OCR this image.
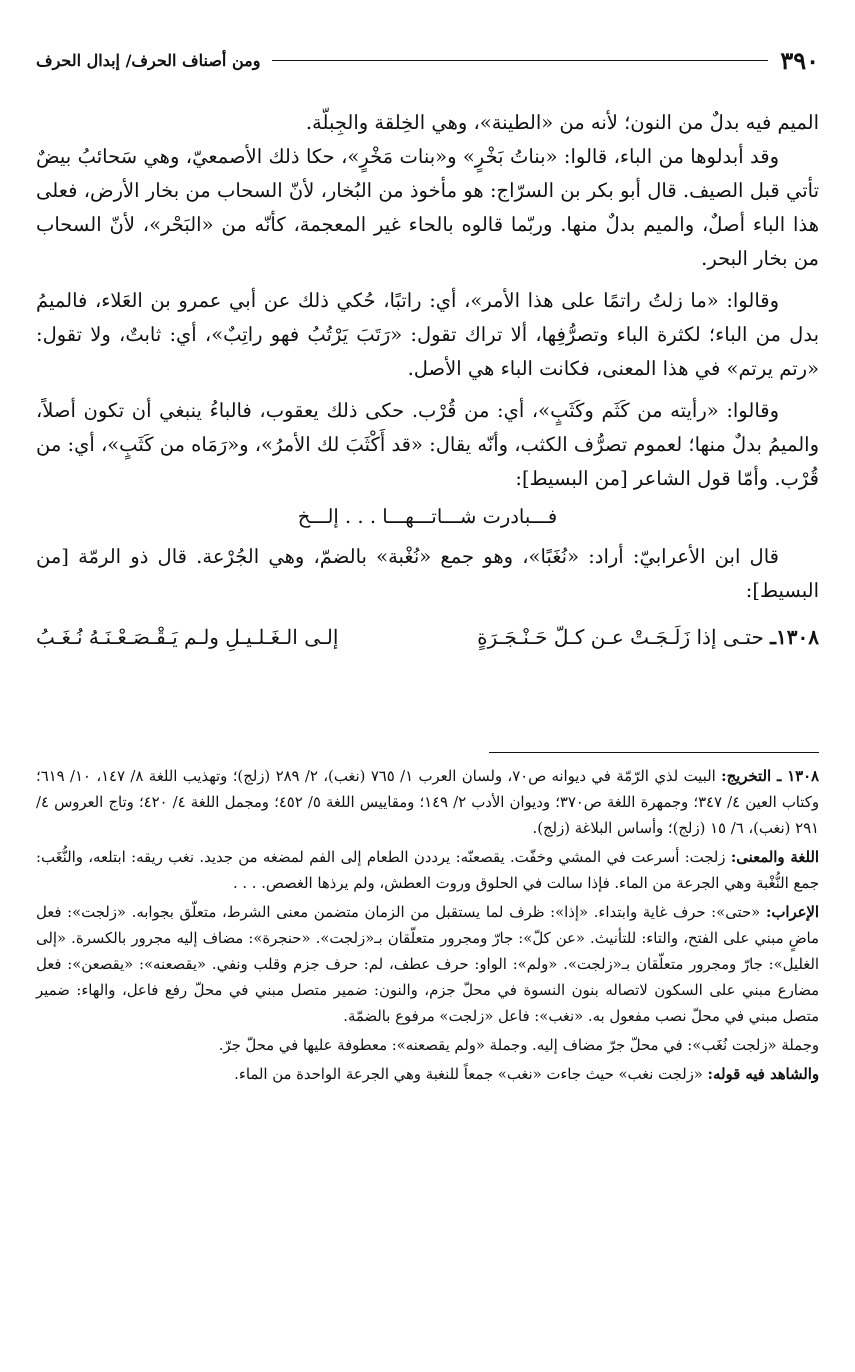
٣٩٠
ومن أصناف الحرف/ إبدال الحرف

الميم فيه بدلٌ من النون؛ لأنه من «الطينة»، وهي الخِلقة والجِبلّة.

وقد أبدلوها من الباء، قالوا: «بناتُ بَخْرٍ» و«بنات مَخْرٍ»، حكا ذلك الأصمعيّ، وهي سَحائبُ بيضٌ تأتي قبل الصيف. قال أبو بكر بن السرّاج: هو مأخوذ من البُخار، لأنّ السحاب من بخار الأرض، فعلى هذا الباء أصلٌ، والميم بدلٌ منها. وربّما قالوه بالحاء غير المعجمة، كأنّه من «البَحْر»، لأنّ السحاب من بخار البحر.

وقالوا: «ما زلتُ راتمًا على هذا الأمر»، أي: راتبًا، حُكي ذلك عن أبي عمرو بن العَلاء، فالميمُ بدل من الباء؛ لكثرة الباء وتصرُّفِها، ألا تراك تقول: «رَتَبَ يَرْتُبُ فهو راتِبٌ»، أي: ثابتٌ، ولا تقول: «رتم يرتم» في هذا المعنى، فكانت الباء هي الأصل.

وقالوا: «رأيته من كَثَم وكَثَبٍ»، أي: من قُرْب. حكى ذلك يعقوب، فالباءُ ينبغي أن تكون أصلاً، والميمُ بدلٌ منها؛ لعموم تصرُّف الكثب، وأنّه يقال: «قد أَكْثَبَ لك الأمرُ»، و«رَمَاه من كَثَبٍ»، أي: من قُرْب. وأمّا قول الشاعر [من البسيط]:

فـــبادرت شـــاتـــهـــا . . . إلـــخ

قال ابن الأعرابيّ: أراد: «نُغَبًا»، وهو جمع «نُغْبة» بالضمّ، وهي الجُرْعة. قال ذو الرمّة [من البسيط]:

١٣٠٨ـ حتـى إذا زَلَـجَـتْ عـن كـلّ حَـنْـجَـرَةٍ
إلـى الـغَـلـيـلِ ولـم يَـقْـصَـعْـنَـهُ نُـغَـبُ

١٣٠٨ ـ التخريج: البيت لذي الرّمّة في ديوانه ص٧٠، ولسان العرب ١/ ٧٦٥ (نغب)، ٢/ ٢٨٩ (زلج)؛ وتهذيب اللغة ٨/ ١٤٧، ١٠/ ٦١٩؛ وكتاب العين ٤/ ٣٤٧؛ وجمهرة اللغة ص٣٧٠؛ وديوان الأدب ٢/ ١٤٩؛ ومقاييس اللغة ٥/ ٤٥٢؛ ومجمل اللغة ٤/ ٤٢٠؛ وتاج العروس ٤/ ٢٩١ (نغب)، ٦/ ١٥ (زلج)؛ وأساس البلاغة (زلج).

اللغة والمعنى: زلجت: أسرعت في المشي وخفّت. يقصعنّه: يرددن الطعام إلى الفم لمضغه من جديد. نغب ريقه: ابتلعه، والنُّغَب: جمع النُّغْبة وهي الجرعة من الماء. فإذا سالت في الحلوق وروت العطش، ولم يرذها الغصص. . . .

الإعراب: «حتى»: حرف غاية وابتداء. «إذا»: ظرف لما يستقبل من الزمان متضمن معنى الشرط، متعلّق بجوابه. «زلجت»: فعل ماضٍ مبني على الفتح، والتاء: للتأنيث. «عن كلّ»: جارّ ومجرور متعلّقان بـ«زلجت». «حنجرة»: مضاف إليه مجرور بالكسرة. «إلى الغليل»: جارّ ومجرور متعلّقان بـ«زلجت». «ولم»: الواو: حرف عطف، لم: حرف جزم وقلب ونفي. «يقصعنه»: «يقصعن»: فعل مضارع مبني على السكون لاتصاله بنون النسوة في محلّ جزم، والنون: ضمير متصل مبني في محلّ رفع فاعل، والهاء: ضمير متصل مبني في محلّ نصب مفعول به. «نغب»: فاعل «زلجت» مرفوع بالضمّة.

وجملة «زلجت نُغَب»: في محلّ جرّ مضاف إليه. وجملة «ولم يقصعنه»: معطوفة عليها في محلّ جرّ.

والشاهد فيه قوله: «زلجت نغب» حيث جاءت «نغب» جمعاً للنغبة وهي الجرعة الواحدة من الماء.
